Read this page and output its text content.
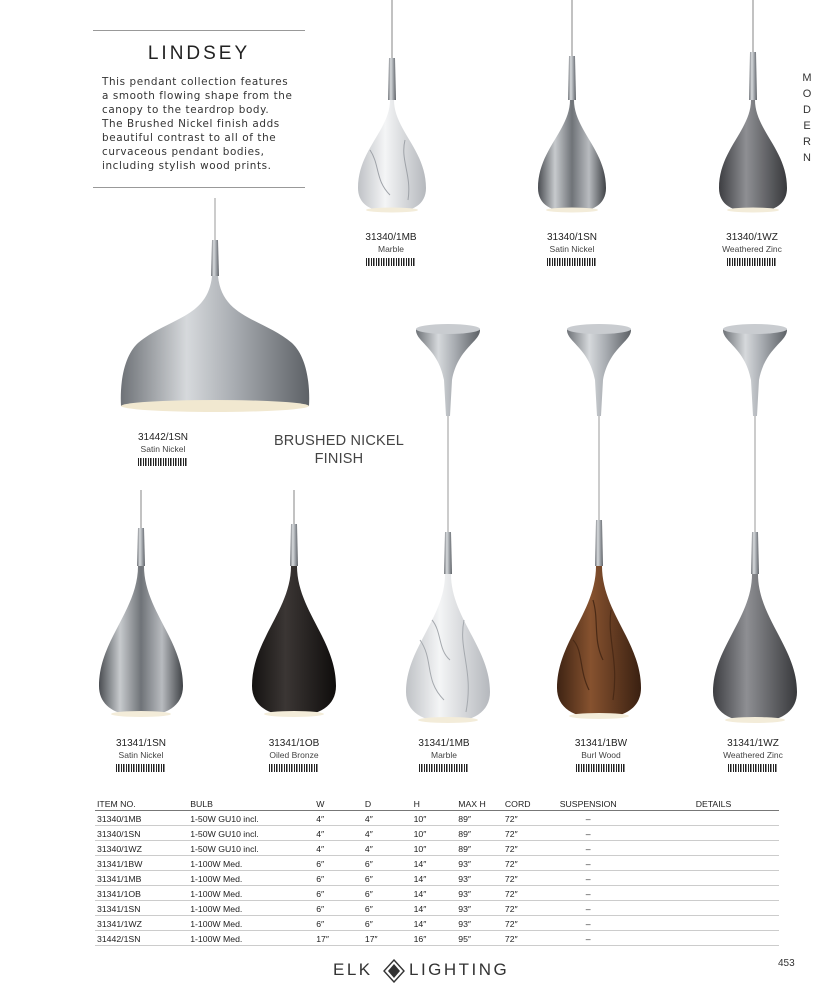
LINDSEY

This pendant collection features
a smooth flowing shape from the
canopy to the teardrop body.
The Brushed Nickel finish adds
beautiful contrast to all of the
curvaceous pendant bodies,
including stylish wood prints.

M
O
D
E
R
N
BRUSHED NICKEL
FINISH
31340/1MB
Marble
31340/1SN
Satin Nickel
31340/1WZ
Weathered Zinc
31442/1SN
Satin Nickel
31341/1SN
Satin Nickel
31341/1OB
Oiled Bronze
31341/1MB
Marble
31341/1BW
Burl Wood
31341/1WZ
Weathered Zinc
ITEM NO.	BULB	W	D	H	MAX H	CORD	SUSPENSION	DETAILS
31340/1MB	1-50W GU10 incl.	4″	4″	10″	89″	72″	–	
31340/1SN	1-50W GU10 incl.	4″	4″	10″	89″	72″	–	
31340/1WZ	1-50W GU10 incl.	4″	4″	10″	89″	72″	–	
31341/1BW	1-100W Med.	6″	6″	14″	93″	72″	–	
31341/1MB	1-100W Med.	6″	6″	14″	93″	72″	–	
31341/1OB	1-100W Med.	6″	6″	14″	93″	72″	–	
31341/1SN	1-100W Med.	6″	6″	14″	93″	72″	–	
31341/1WZ	1-100W Med.	6″	6″	14″	93″	72″	–	
31442/1SN	1-100W Med.	17″	17″	16″	95″	72″	–	
ELK LIGHTING	453
